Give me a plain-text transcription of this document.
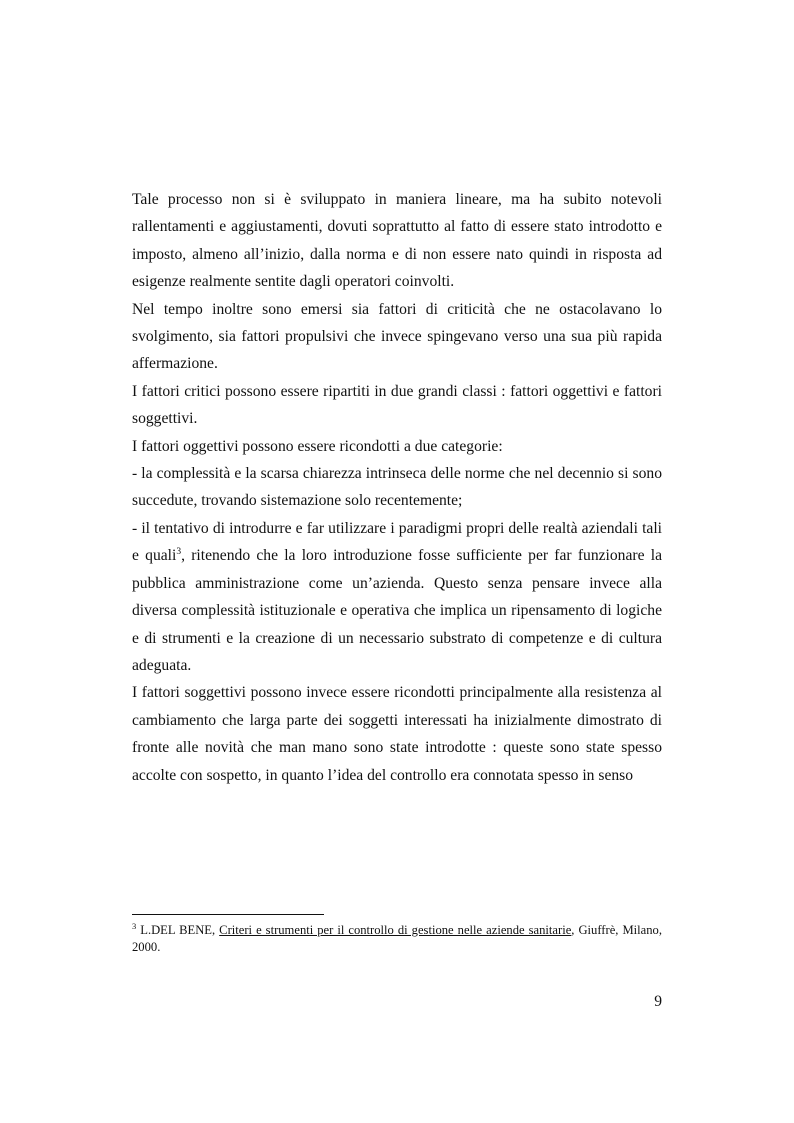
Tale processo non si è sviluppato in maniera lineare, ma ha subito notevoli rallentamenti e aggiustamenti, dovuti soprattutto al fatto di essere stato introdotto e imposto, almeno all’inizio, dalla norma e di non essere nato quindi in risposta ad esigenze realmente sentite dagli operatori coinvolti.

Nel tempo inoltre sono emersi sia fattori di criticità che ne ostacolavano lo svolgimento, sia fattori propulsivi che invece spingevano verso una sua più rapida affermazione.

I fattori critici possono essere ripartiti in due grandi classi : fattori oggettivi e fattori soggettivi.

I fattori oggettivi possono essere ricondotti a due categorie:

- la complessità e la scarsa chiarezza intrinseca delle norme che nel decennio si sono succedute, trovando sistemazione solo recentemente;

- il tentativo di introdurre e far utilizzare i paradigmi propri delle realtà aziendali tali e quali$^3$, ritenendo che la loro introduzione fosse sufficiente per far funzionare la pubblica amministrazione come un’azienda. Questo senza pensare invece alla diversa complessità istituzionale e operativa che implica un ripensamento di logiche e di strumenti e la creazione di un necessario substrato di competenze e di cultura adeguata.

I fattori soggettivi possono invece essere ricondotti principalmente alla resistenza al cambiamento che larga parte dei soggetti interessati ha inizialmente dimostrato di fronte alle novità che man mano sono state introdotte : queste sono state spesso accolte con sospetto, in quanto l’idea del controllo era connotata spesso in senso

$^3$ L.DEL BENE, Criteri e strumenti per il controllo di gestione nelle aziende sanitarie, Giuffrè, Milano, 2000.
9
